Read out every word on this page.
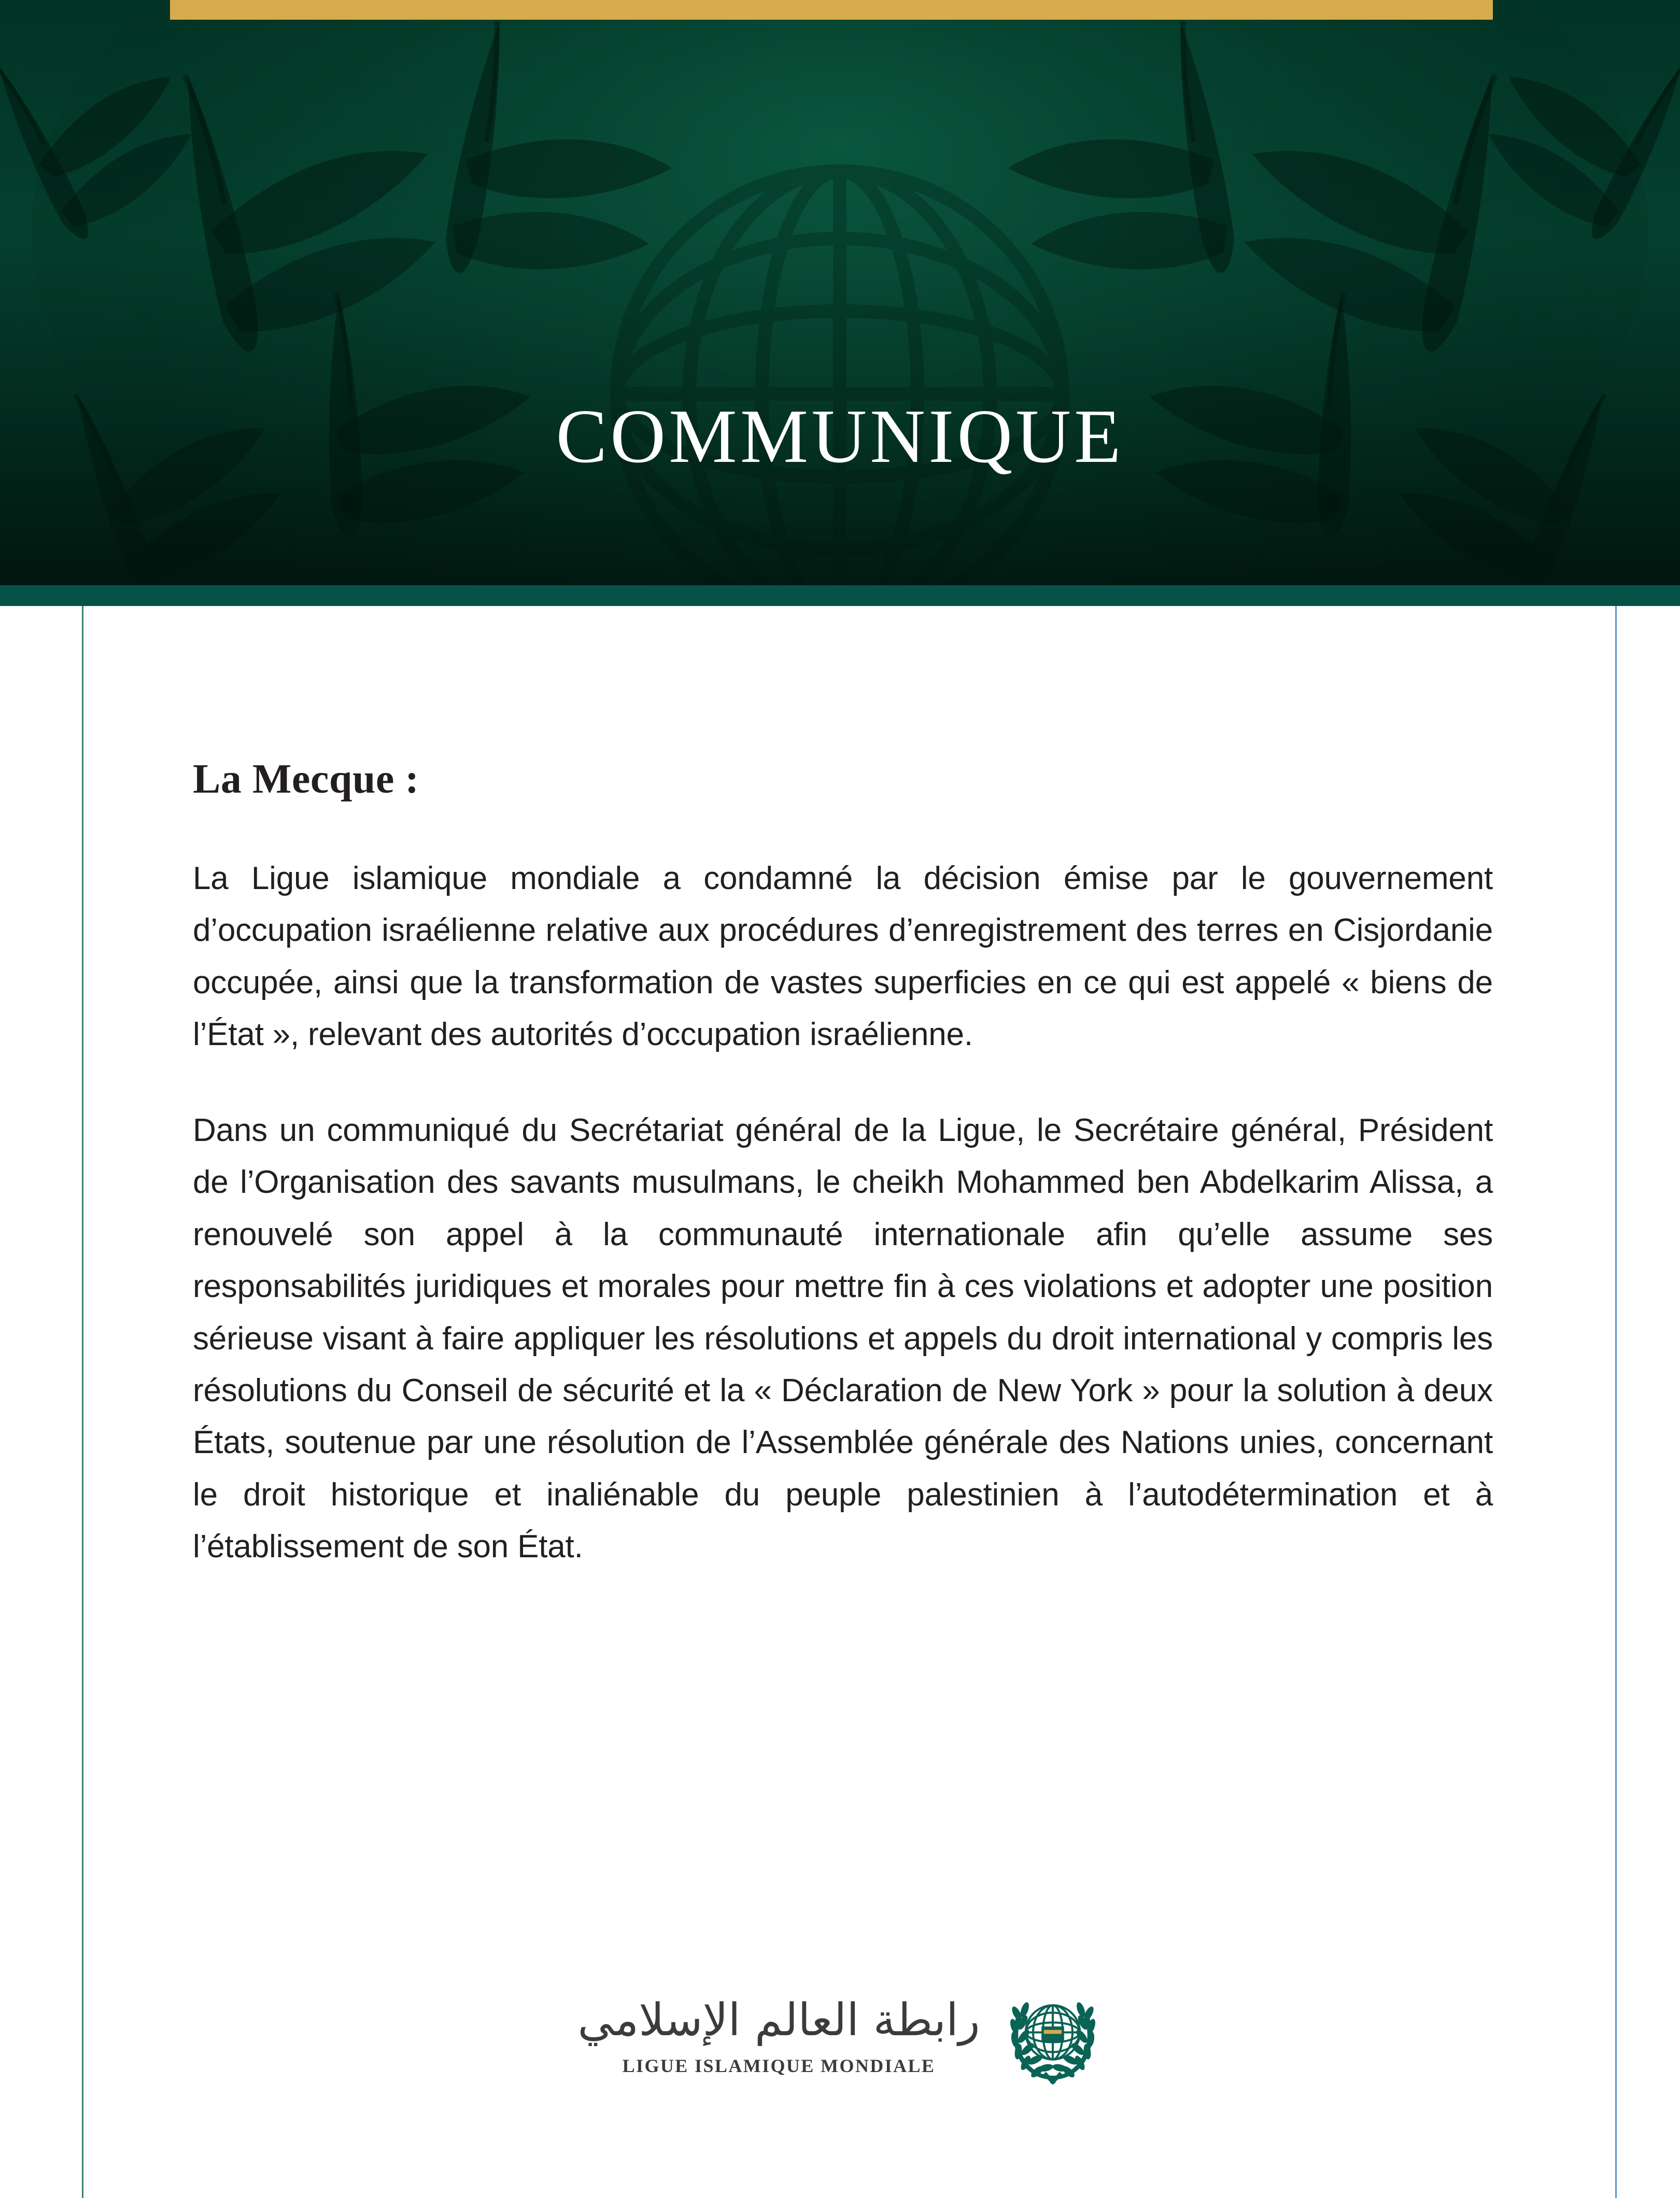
COMMUNIQUE
La Mecque :

La Ligue islamique mondiale a condamné la décision émise par le gouvernement d’occupation israélienne relative aux procédures d’enregistrement des terres en Cisjordanie occupée, ainsi que la transformation de vastes superficies en ce qui est appelé « biens de l’État », relevant des autorités d’occupation israélienne.

Dans un communiqué du Secrétariat général de la Ligue, le Secrétaire général, Président de l’Organisation des savants musulmans, le cheikh Mohammed ben Abdelkarim Alissa, a renouvelé son appel à la communauté internationale afin qu’elle assume ses responsabilités juridiques et morales pour mettre fin à ces violations et adopter une position sérieuse visant à faire appliquer les résolutions et appels du droit international y compris les résolutions du Conseil de sécurité et la « Déclaration de New York » pour la solution à deux États, soutenue par une résolution de l’Assemblée générale des Nations unies, concernant le droit historique et inaliénable du peuple palestinien à l’autodétermination et à l’établissement de son État.

رابطة العالم الإسلامي
LIGUE ISLAMIQUE MONDIALE
